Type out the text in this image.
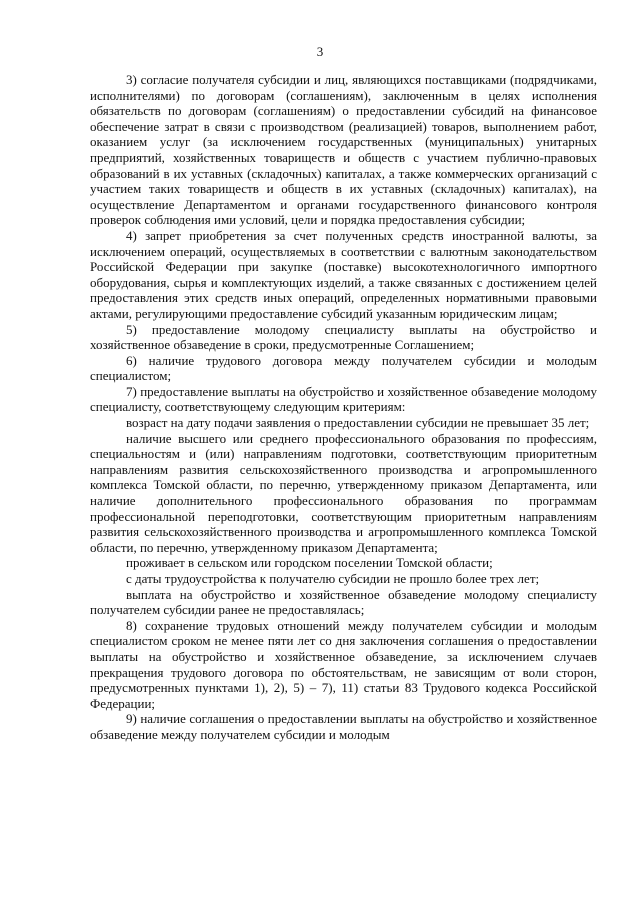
3

3) согласие получателя субсидии и лиц, являющихся поставщиками (подрядчиками, исполнителями) по договорам (соглашениям), заключенным в целях исполнения обязательств по договорам (соглашениям) о предоставлении субсидий на финансовое обеспечение затрат в связи с производством (реализацией) товаров, выполнением работ, оказанием услуг (за исключением государственных (муниципальных) унитарных предприятий, хозяйственных товариществ и обществ с участием публично-правовых образований в их уставных (складочных) капиталах, а также коммерческих организаций с участием таких товариществ и обществ в их уставных (складочных) капиталах), на осуществление Департаментом и органами государственного финансового контроля проверок соблюдения ими условий, цели и порядка предоставления субсидии;

4) запрет приобретения за счет полученных средств иностранной валюты, за исключением операций, осуществляемых в соответствии с валютным законодательством Российской Федерации при закупке (поставке) высокотехнологичного импортного оборудования, сырья и комплектующих изделий, а также связанных с достижением целей предоставления этих средств иных операций, определенных нормативными правовыми актами, регулирующими предоставление субсидий указанным юридическим лицам;

5) предоставление молодому специалисту выплаты на обустройство и хозяйственное обзаведение в сроки, предусмотренные Соглашением;

6) наличие трудового договора между получателем субсидии и молодым специалистом;

7) предоставление выплаты на обустройство и хозяйственное обзаведение молодому специалисту, соответствующему следующим критериям:

возраст на дату подачи заявления о предоставлении субсидии не превышает 35 лет;

наличие высшего или среднего профессионального образования по профессиям, специальностям и (или) направлениям подготовки, соответствующим приоритетным направлениям развития сельскохозяйственного производства и агропромышленного комплекса Томской области, по перечню, утвержденному приказом Департамента, или наличие дополнительного профессионального образования по программам профессиональной переподготовки, соответствующим приоритетным направлениям развития сельскохозяйственного производства и агропромышленного комплекса Томской области, по перечню, утвержденному приказом Департамента;

проживает в сельском или городском поселении Томской области;

с даты трудоустройства к получателю субсидии не прошло более трех лет;

выплата на обустройство и хозяйственное обзаведение молодому специалисту получателем субсидии ранее не предоставлялась;

8) сохранение трудовых отношений между получателем субсидии и молодым специалистом сроком не менее пяти лет со дня заключения соглашения о предоставлении выплаты на обустройство и хозяйственное обзаведение, за исключением случаев прекращения трудового договора по обстоятельствам, не зависящим от воли сторон, предусмотренных пунктами 1), 2), 5) – 7), 11) статьи 83 Трудового кодекса Российской Федерации;

9) наличие соглашения о предоставлении выплаты на обустройство и хозяйственное обзаведение между получателем субсидии и молодым
